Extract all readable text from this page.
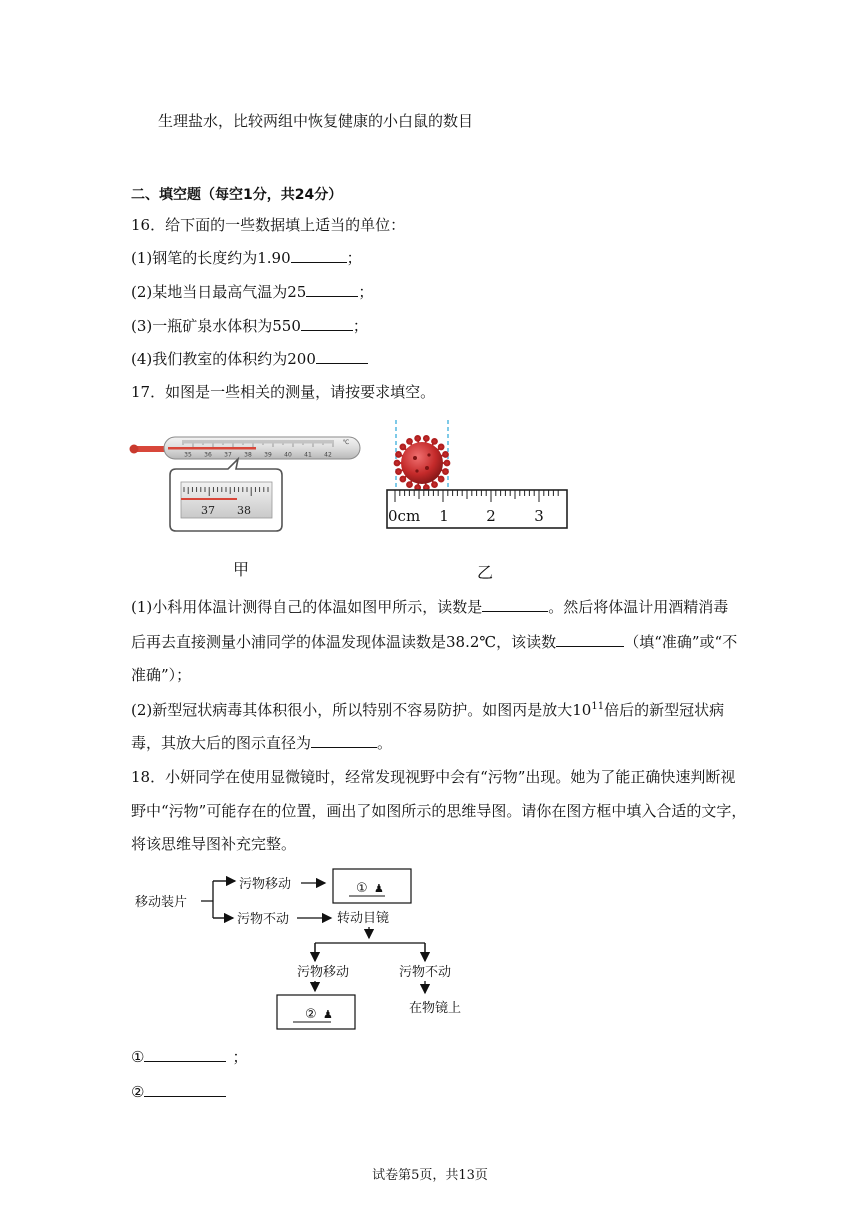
生理盐水，比较两组中恢复健康的小白鼠的数目
二、填空题（每空1分，共24分）
16．给下面的一些数据填上适当的单位：
(1)钢笔的长度约为1.90	；
(2)某地当日最高气温为25	；
(3)一瓶矿泉水体积为550	；
(4)我们教室的体积约为200
17．如图是一些相关的测量，请按要求填空。
35 36 37 38 39 40 41 42
℃
37 38	0cm 1 2	3
甲	乙
(1)小科用体温计测得自己的体温如图甲所示，读数是	。然后将体温计用酒精消毒
后再去直接测量小浦同学的体温发现体温读数是38.2℃，该读数	（填“准确”或“不
准确”）；
(2)新型冠状病毒其体积很小，所以特别不容易防护。如图丙是放大$10^{11}$倍后的新型冠状病
毒，其放大后的图示直径为	。
18．小妍同学在使用显微镜时，经常发现视野中会有“污物”出现。她为了能正确快速判断视
野中“污物”可能存在的位置，画出了如图所示的思维导图。请你在图方框中填入合适的文字，
将该思维导图补充完整。
移动装片
污物移动
污物不动	转动目镜
污物移动	污物不动
在物镜上
① ♟
② ♟
①	；
②
试卷第5页，共13页
